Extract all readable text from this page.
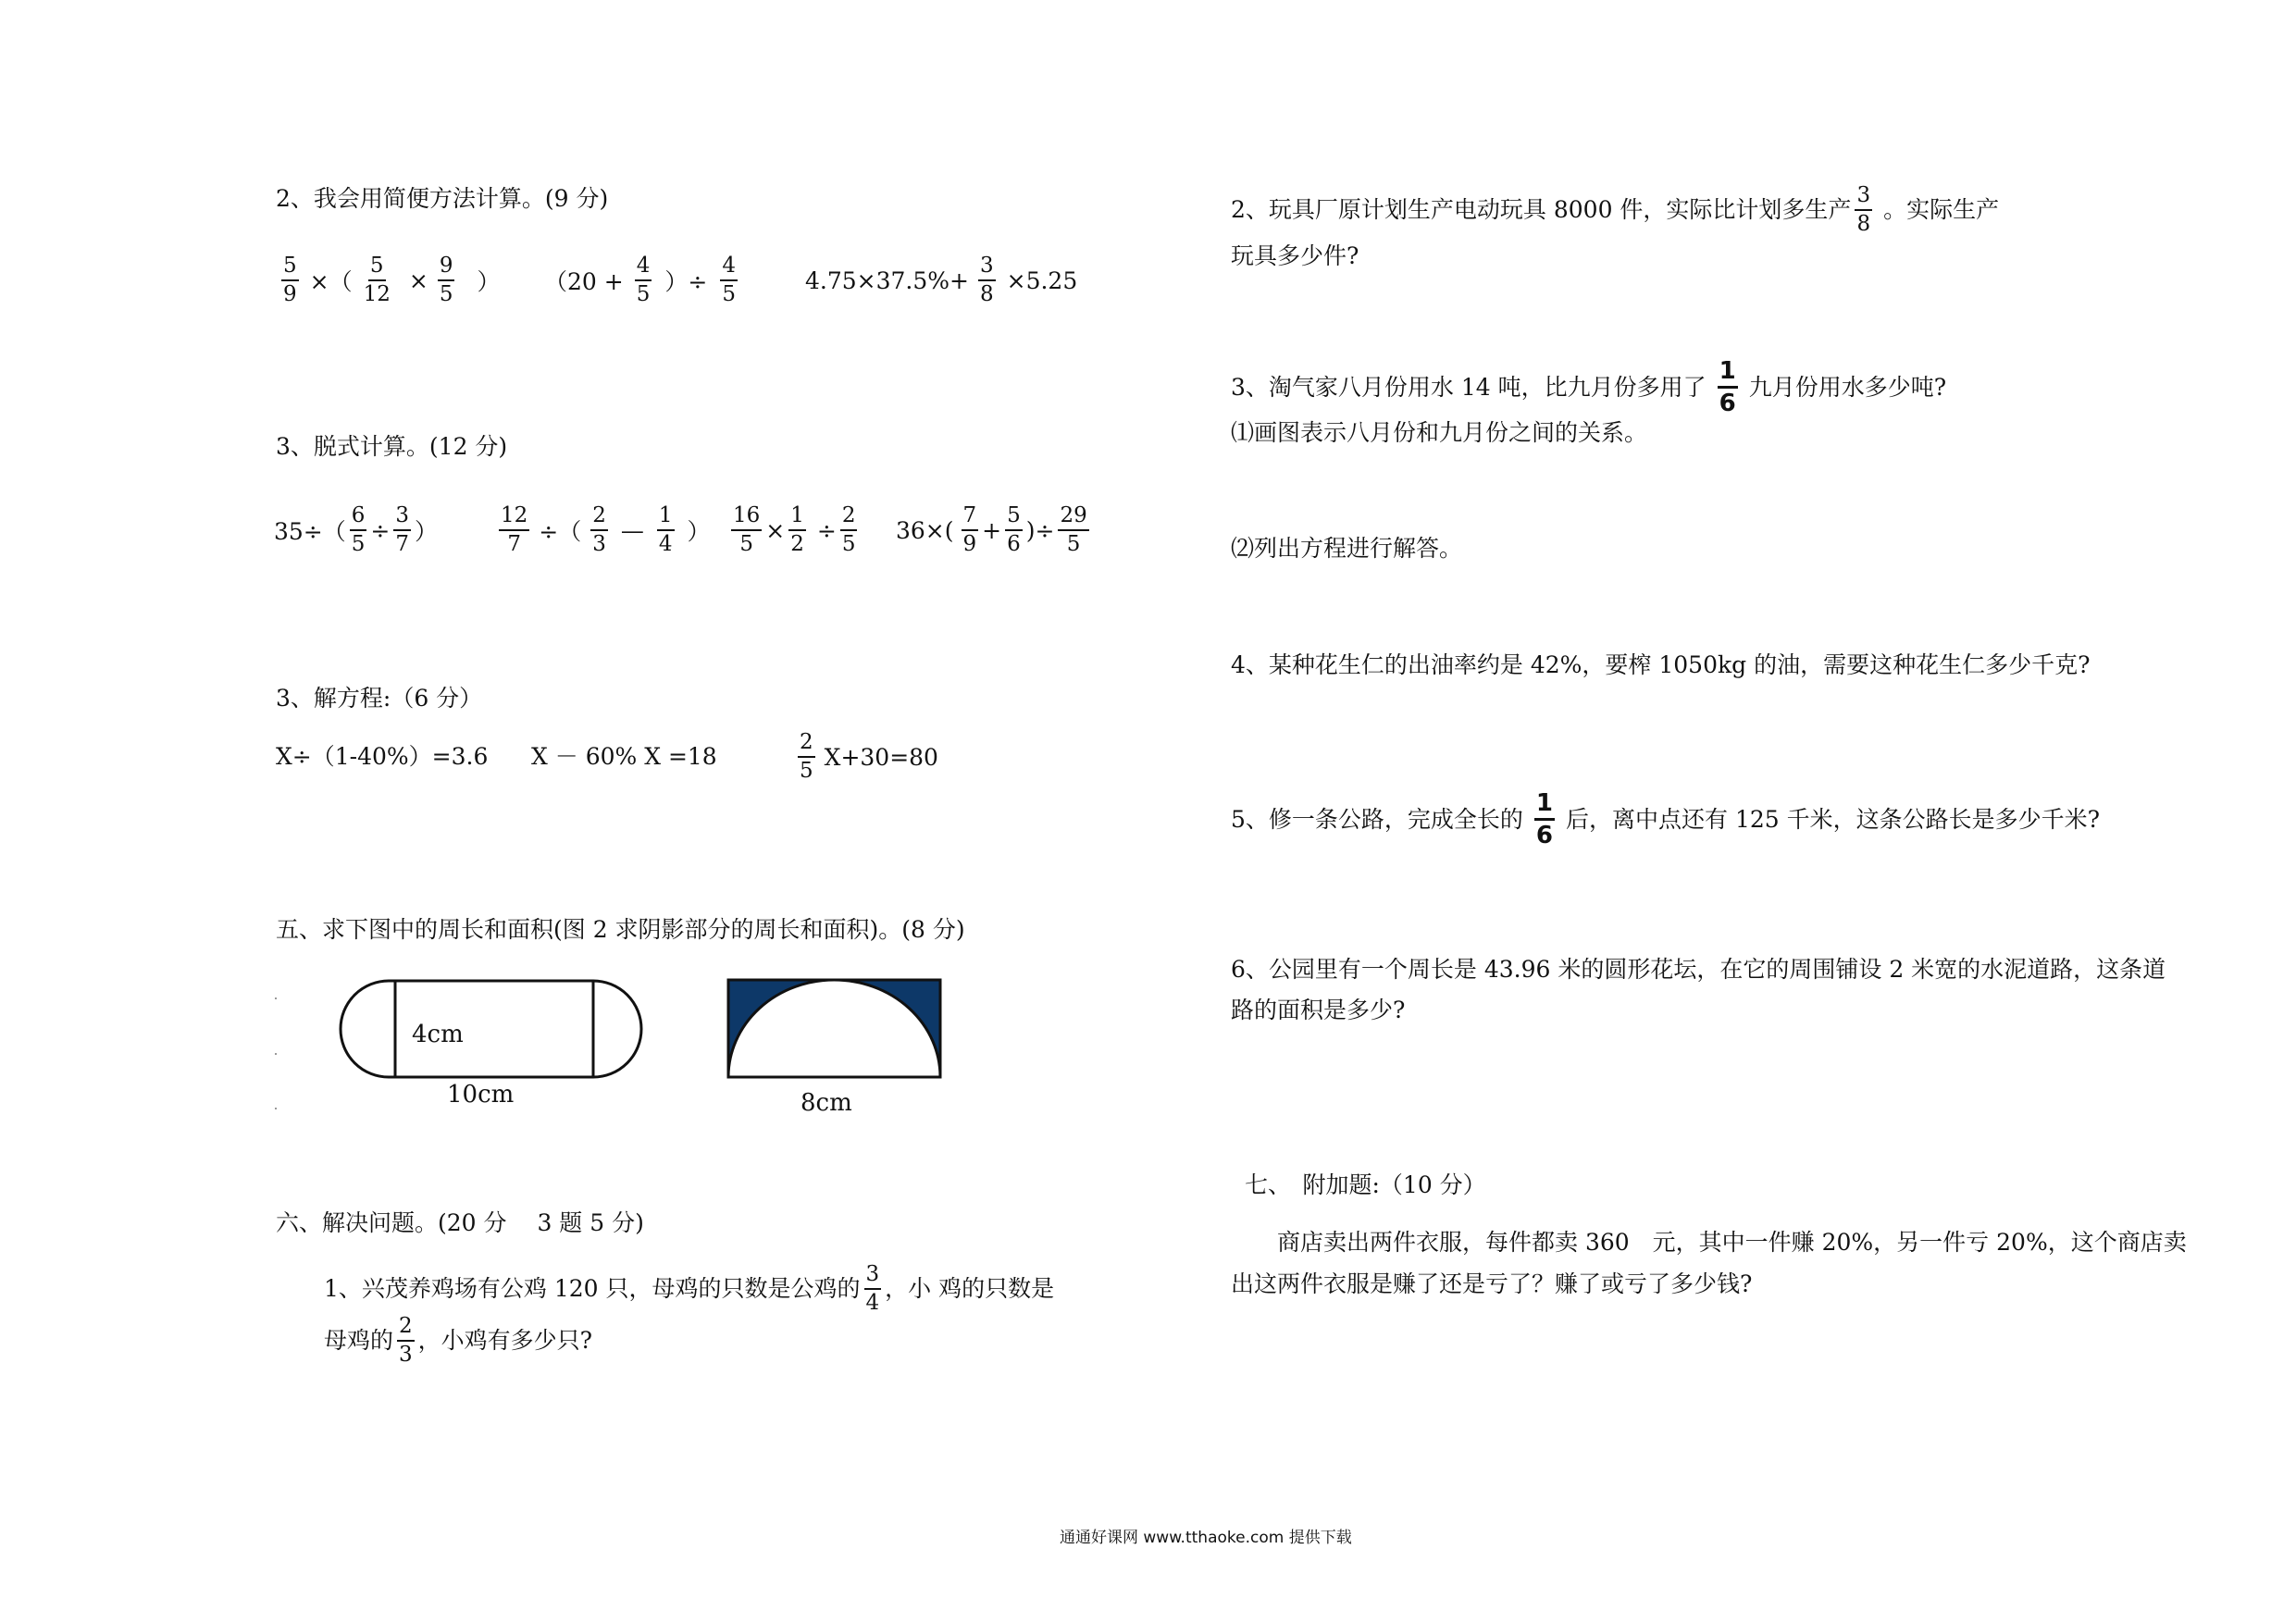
2、我会用简便方法计算。(9 分)
$\frac{5}{9}$ ×（ $\frac{5}{12} \times \frac{9}{5}$ ） （$20 + \frac{4}{5}$ ）÷ $\frac{4}{5}$	$4.75\times 37.5\%+ \frac{3}{8} \times 5.25$
3、脱式计算。(12 分)
$35\div( \frac{6}{5} \div \frac{3}{7}$ ）	$\frac{12}{7}$ ÷（ $\frac{2}{3}$ — $\frac{1}{4}$ ） $\frac{16}{5} \times \frac{1}{2} \div \frac{2}{5} 36\times( \frac{7}{9} + \frac{5}{6}$ )÷ $\frac{29}{5}$
3、解方程:（6 分）
X÷（1-40%）=3.6 X － 60% X =18	$\frac{2}{5} X+30=80$
五、求下图中的周长和面积(图 2 求阴影部分的周长和面积)。(8 分)
4cm
10cm	8cm
六、解决问题。(20 分　 3 题 5 分)
1、兴茂养鸡场有公鸡 120 只，母鸡的只数是公鸡的 $\frac{3}{4}$ ，小 鸡的只数是
母鸡的 $\frac{2}{3}$ ，小鸡有多少只?
2、玩具厂原计划生产电动玩具 8000 件，实际比计划多生产 $\frac{3}{8}$ 。实际生产
玩具多少件?
3、淘气家八月份用水 14 吨，比九月份多用了 $\frac{1}{6}$ 九月份用水多少吨?
⑴画图表示八月份和九月份之间的关系。
⑵列出方程进行解答。
4、某种花生仁的出油率约是 42%，要榨 1050kg 的油，需要这种花生仁多少千克?
5、修一条公路，完成全长的 $\frac{1}{6}$ 后，离中点还有 125 千米，这条公路长是多少千米?
6、公园里有一个周长是 43.96 米的圆形花坛，在它的周围铺设 2 米宽的水泥道路，这条道
路的面积是多少?
七、　附加题:（10 分）
商店卖出两件衣服，每件都卖 360　元，其中一件赚 20%，另一件亏 20%，这个商店卖
出这两件衣服是赚了还是亏了？赚了或亏了多少钱?
通通好课网 www.tthaoke.com 提供下载
